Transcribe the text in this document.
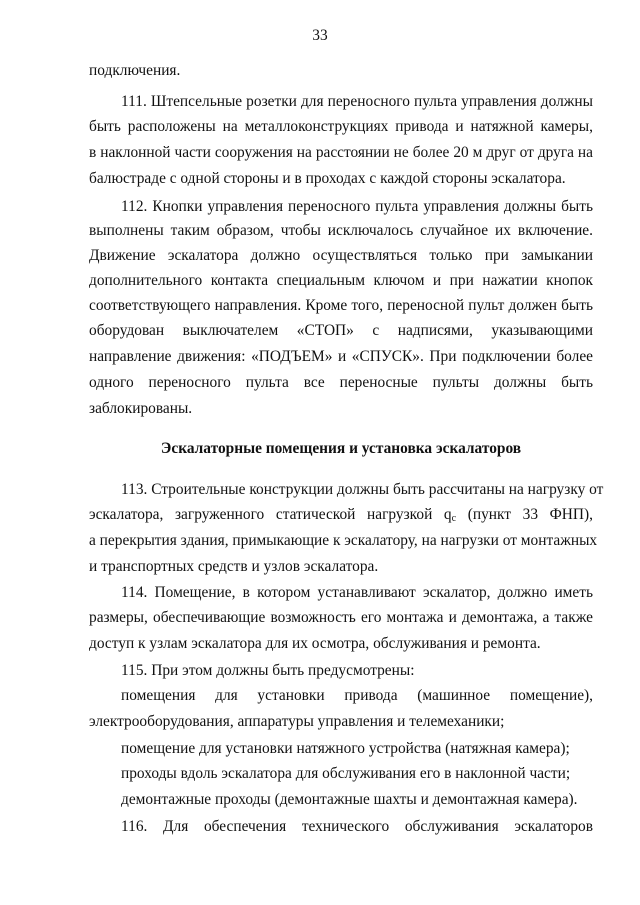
33
подключения.
111. Штепсельные розетки для переносного пульта управления должны
быть расположены на металлоконструкциях привода и натяжной камеры,
в наклонной части сооружения на расстоянии не более 20 м друг от друга на
балюстраде с одной стороны и в проходах с каждой стороны эскалатора.
112. Кнопки управления переносного пульта управления должны быть
выполнены таким образом, чтобы исключалось случайное их включение.
Движение эскалатора должно осуществляться только при замыкании
дополнительного контакта специальным ключом и при нажатии кнопок
соответствующего направления. Кроме того, переносной пульт должен быть
оборудован выключателем «СТОП» с надписями, указывающими
направление движения: «ПОДЪЕМ» и «СПУСК». При подключении более
одного переносного пульта все переносные пульты должны быть
заблокированы.
Эскалаторные помещения и установка эскалаторов
113. Строительные конструкции должны быть рассчитаны на нагрузку от
эскалатора, загруженного статической нагрузкой $q_с$ (пункт 33 ФНП),
а перекрытия здания, примыкающие к эскалатору, на нагрузки от монтажных
и транспортных средств и узлов эскалатора.
114. Помещение, в котором устанавливают эскалатор, должно иметь
размеры, обеспечивающие возможность его монтажа и демонтажа, а также
доступ к узлам эскалатора для их осмотра, обслуживания и ремонта.
115. При этом должны быть предусмотрены:
помещения для установки привода (машинное помещение),
электрооборудования, аппаратуры управления и телемеханики;
помещение для установки натяжного устройства (натяжная камера);
проходы вдоль эскалатора для обслуживания его в наклонной части;
демонтажные проходы (демонтажные шахты и демонтажная камера).
116. Для обеспечения технического обслуживания эскалаторов
